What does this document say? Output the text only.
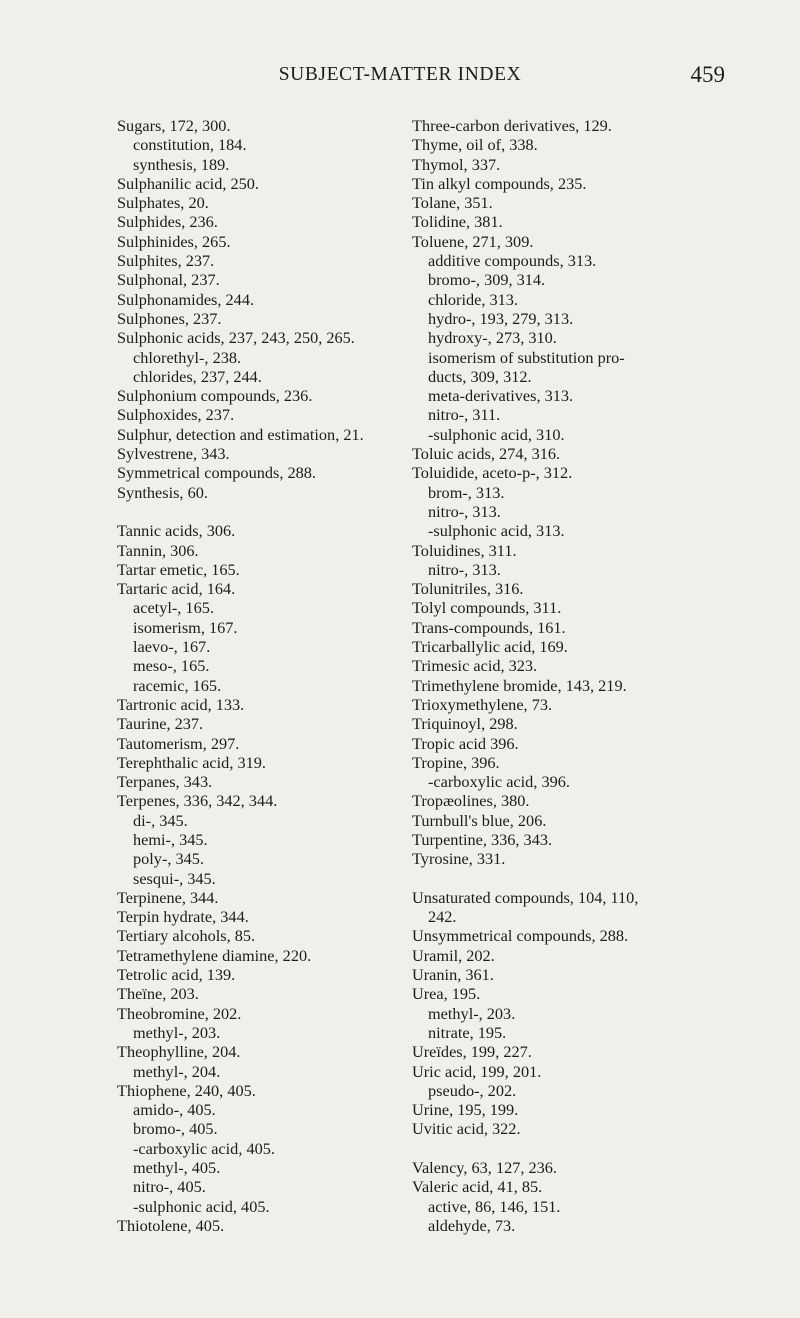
SUBJECT-MATTER INDEX	459
Sugars, 172, 300.
constitution, 184.
synthesis, 189.
Sulphanilic acid, 250.
Sulphates, 20.
Sulphides, 236.
Sulphinides, 265.
Sulphites, 237.
Sulphonal, 237.
Sulphonamides, 244.
Sulphones, 237.
Sulphonic acids, 237, 243, 250, 265.
chlorethyl-, 238.
chlorides, 237, 244.
Sulphonium compounds, 236.
Sulphoxides, 237.
Sulphur, detection and estimation, 21.
Sylvestrene, 343.
Symmetrical compounds, 288.
Synthesis, 60.
Tannic acids, 306.
Tannin, 306.
Tartar emetic, 165.
Tartaric acid, 164.
acetyl-, 165.
isomerism, 167.
laevo-, 167.
meso-, 165.
racemic, 165.
Tartronic acid, 133.
Taurine, 237.
Tautomerism, 297.
Terephthalic acid, 319.
Terpanes, 343.
Terpenes, 336, 342, 344.
di-, 345.
hemi-, 345.
poly-, 345.
sesqui-, 345.
Terpinene, 344.
Terpin hydrate, 344.
Tertiary alcohols, 85.
Tetramethylene diamine, 220.
Tetrolic acid, 139.
Theïne, 203.
Theobromine, 202.
methyl-, 203.
Theophylline, 204.
methyl-, 204.
Thiophene, 240, 405.
amido-, 405.
bromo-, 405.
-carboxylic acid, 405.
methyl-, 405.
nitro-, 405.
-sulphonic acid, 405.
Thiotolene, 405.
Three-carbon derivatives, 129.
Thyme, oil of, 338.
Thymol, 337.
Tin alkyl compounds, 235.
Tolane, 351.
Tolidine, 381.
Toluene, 271, 309.
additive compounds, 313.
bromo-, 309, 314.
chloride, 313.
hydro-, 193, 279, 313.
hydroxy-, 273, 310.
isomerism of substitution pro-
ducts, 309, 312.
meta-derivatives, 313.
nitro-, 311.
-sulphonic acid, 310.
Toluic acids, 274, 316.
Toluidide, aceto-p-, 312.
brom-, 313.
nitro-, 313.
-sulphonic acid, 313.
Toluidines, 311.
nitro-, 313.
Tolunitriles, 316.
Tolyl compounds, 311.
Trans-compounds, 161.
Tricarballylic acid, 169.
Trimesic acid, 323.
Trimethylene bromide, 143, 219.
Trioxymethylene, 73.
Triquinoyl, 298.
Tropic acid 396.
Tropine, 396.
-carboxylic acid, 396.
Tropæolines, 380.
Turnbull's blue, 206.
Turpentine, 336, 343.
Tyrosine, 331.
Unsaturated compounds, 104, 110,
242.
Unsymmetrical compounds, 288.
Uramil, 202.
Uranin, 361.
Urea, 195.
methyl-, 203.
nitrate, 195.
Ureïdes, 199, 227.
Uric acid, 199, 201.
pseudo-, 202.
Urine, 195, 199.
Uvitic acid, 322.
Valency, 63, 127, 236.
Valeric acid, 41, 85.
active, 86, 146, 151.
aldehyde, 73.
